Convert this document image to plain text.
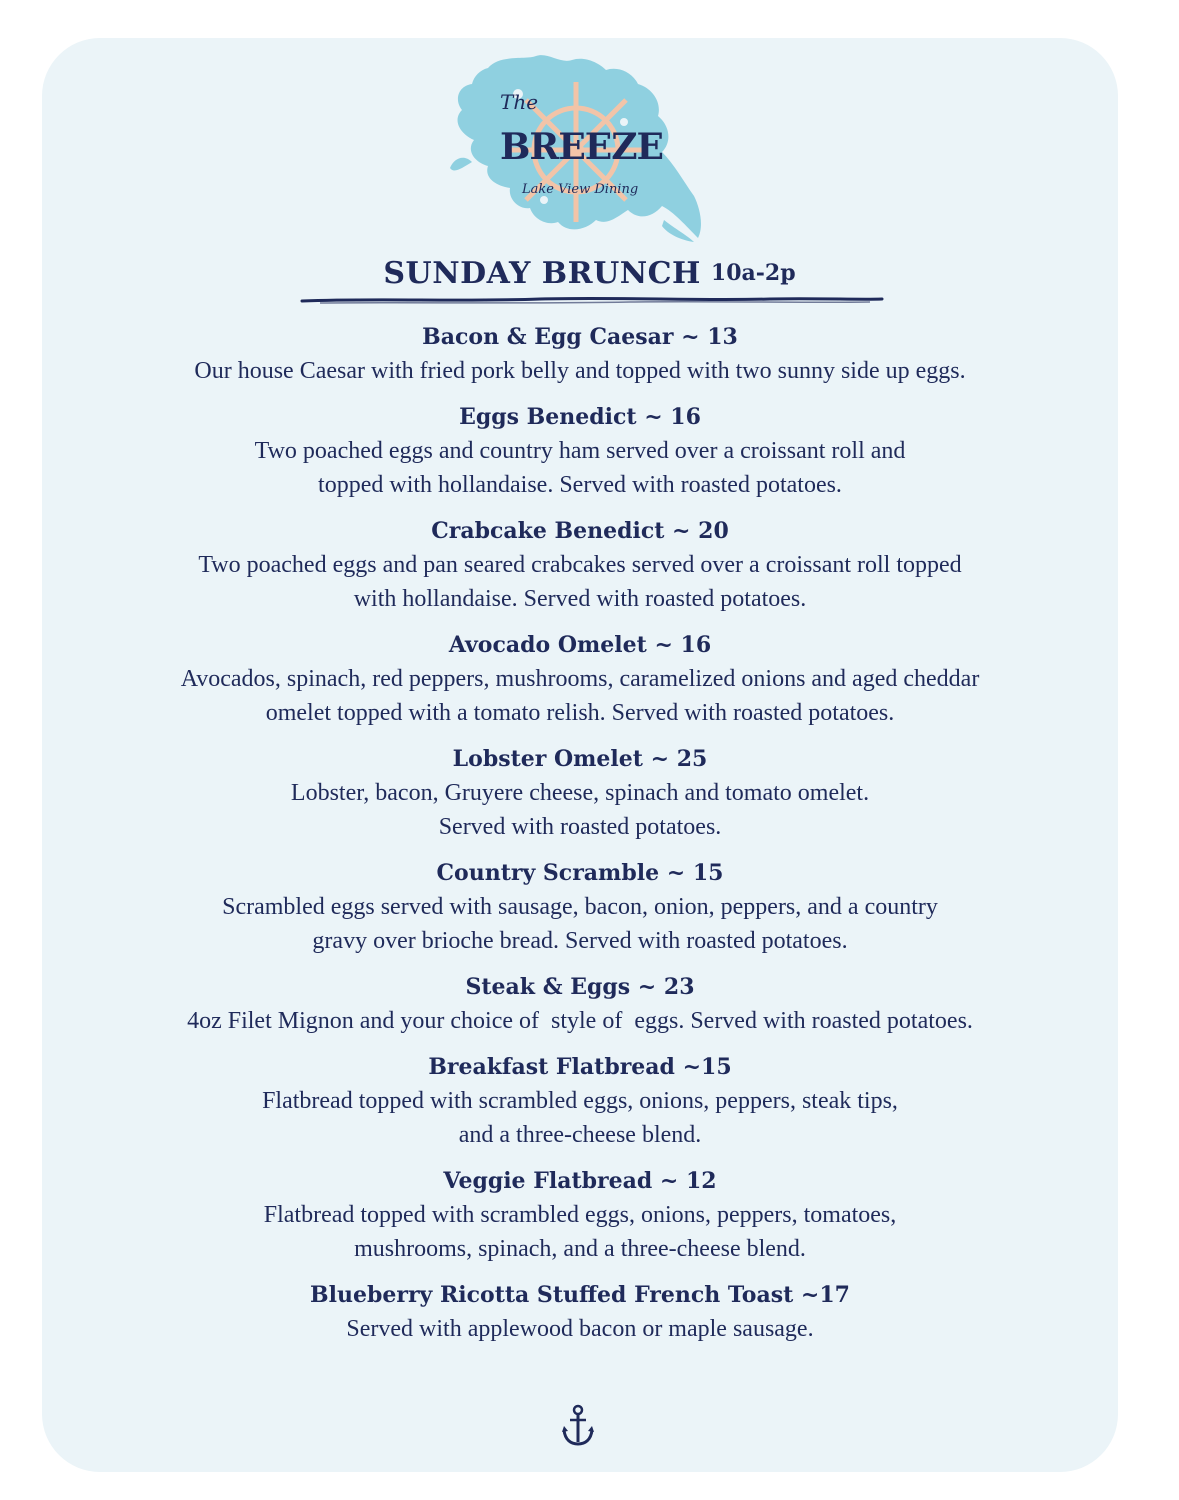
The
BREEZE
Lake View Dining
SUNDAY BRUNCH 10a-2p
Bacon & Egg Caesar ~ 13
Our house Caesar with fried pork belly and topped with two sunny side up eggs.
Eggs Benedict ~ 16
Two poached eggs and country ham served over a croissant roll and
topped with hollandaise. Served with roasted potatoes.
Crabcake Benedict ~ 20
Two poached eggs and pan seared crabcakes served over a croissant roll topped
with hollandaise. Served with roasted potatoes.
Avocado Omelet ~ 16
Avocados, spinach, red peppers, mushrooms, caramelized onions and aged cheddar
omelet topped with a tomato relish. Served with roasted potatoes.
Lobster Omelet ~ 25
Lobster, bacon, Gruyere cheese, spinach and tomato omelet.
Served with roasted potatoes.
Country Scramble ~ 15
Scrambled eggs served with sausage, bacon, onion, peppers, and a country
gravy over brioche bread. Served with roasted potatoes.
Steak & Eggs ~ 23
4oz Filet Mignon and your choice of  style of  eggs. Served with roasted potatoes.
Breakfast Flatbread ~15
Flatbread topped with scrambled eggs, onions, peppers, steak tips,
and a three-cheese blend.
Veggie Flatbread ~ 12
Flatbread topped with scrambled eggs, onions, peppers, tomatoes,
mushrooms, spinach, and a three-cheese blend.
Blueberry Ricotta Stuffed French Toast ~17
Served with applewood bacon or maple sausage.
